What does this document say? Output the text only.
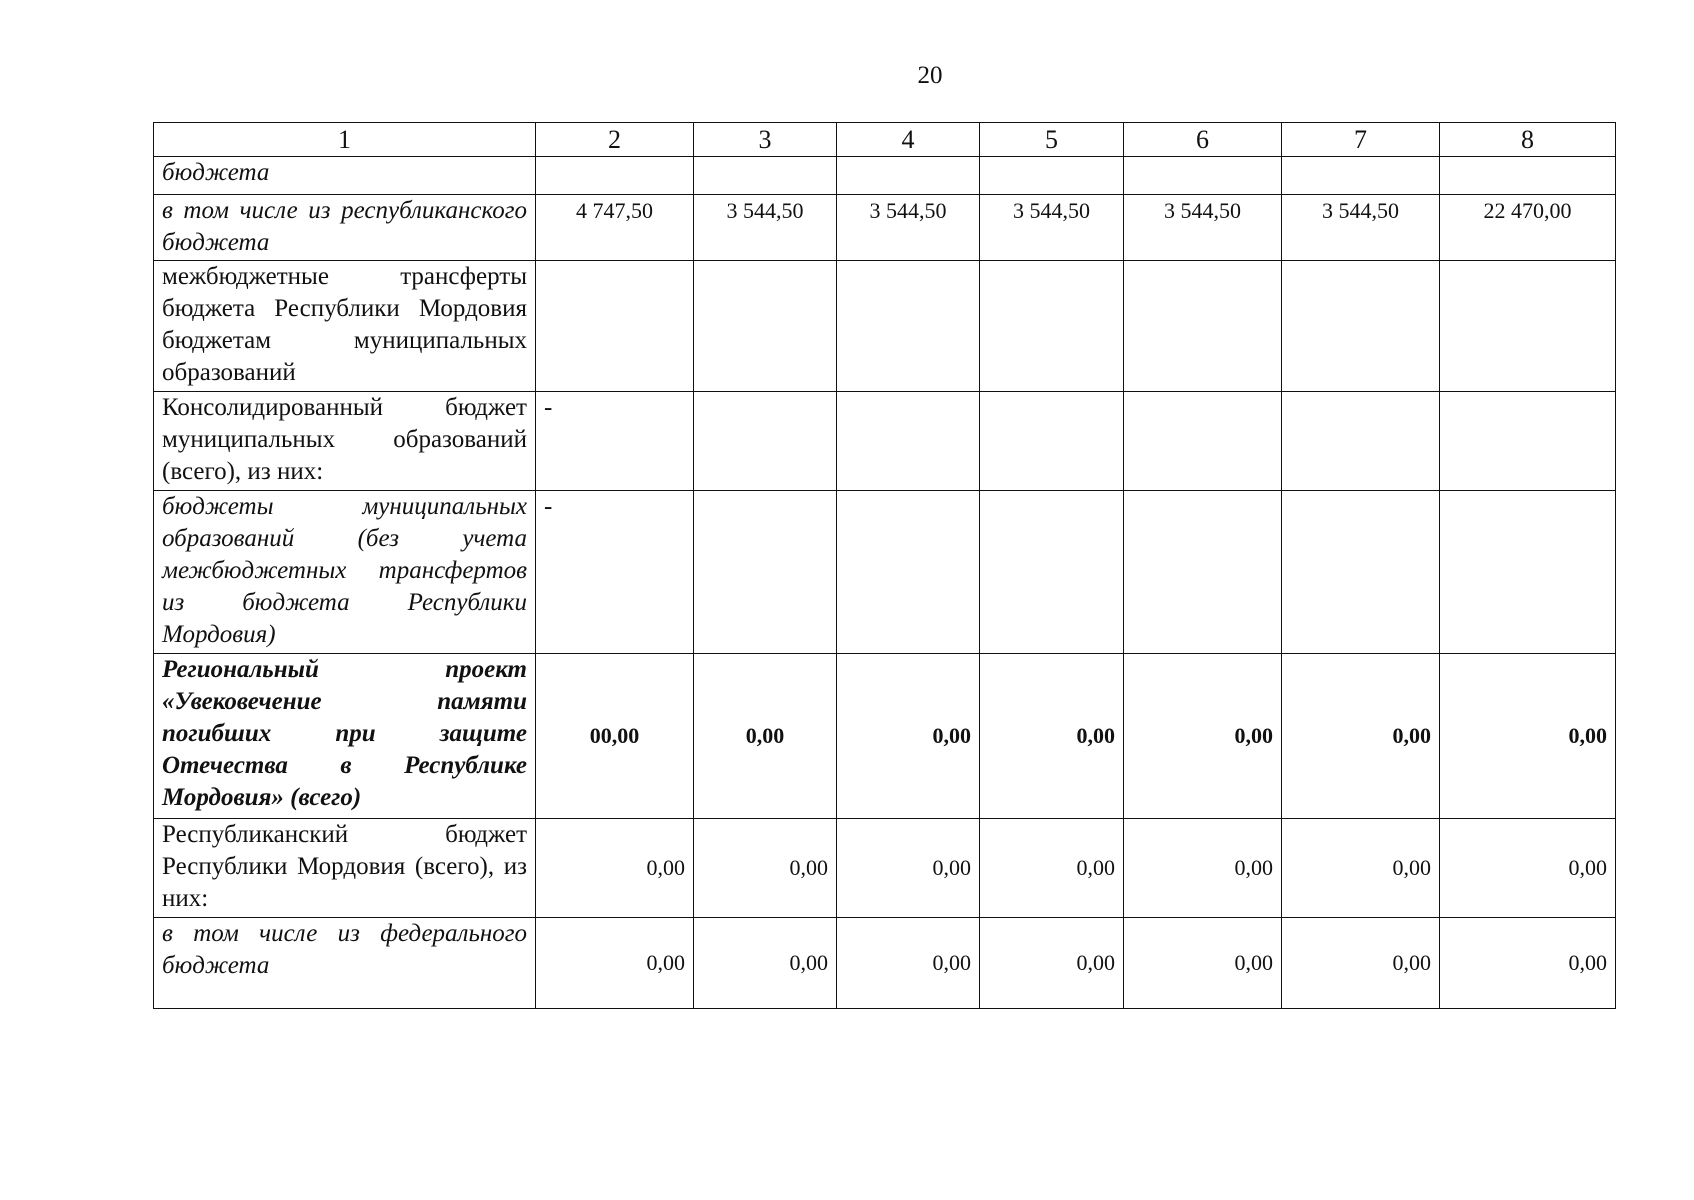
20
1	2	3	4	5	6	7	8
бюджета							
в том числе из республиканского бюджета	4 747,50	3 544,50	3 544,50	3 544,50	3 544,50	3 544,50	22 470,00
межбюджетные трансферты бюджета Республики Мордовия бюджетам муниципальных образований							
Консолидированный бюджет муниципальных образований (всего), из них:	-						
бюджеты муниципальных образований (без учета межбюджетных трансфертов из бюджета Республики Мордовия)	-						
Региональный проект «Увековечение памяти погибших при защите Отечества в Республике Мордовия» (всего)	00,00	0,00	0,00	0,00	0,00	0,00	0,00
Республиканский бюджет Республики Мордовия (всего), из них:	0,00	0,00	0,00	0,00	0,00	0,00	0,00
в том числе из федерального бюджета	0,00	0,00	0,00	0,00	0,00	0,00	0,00
